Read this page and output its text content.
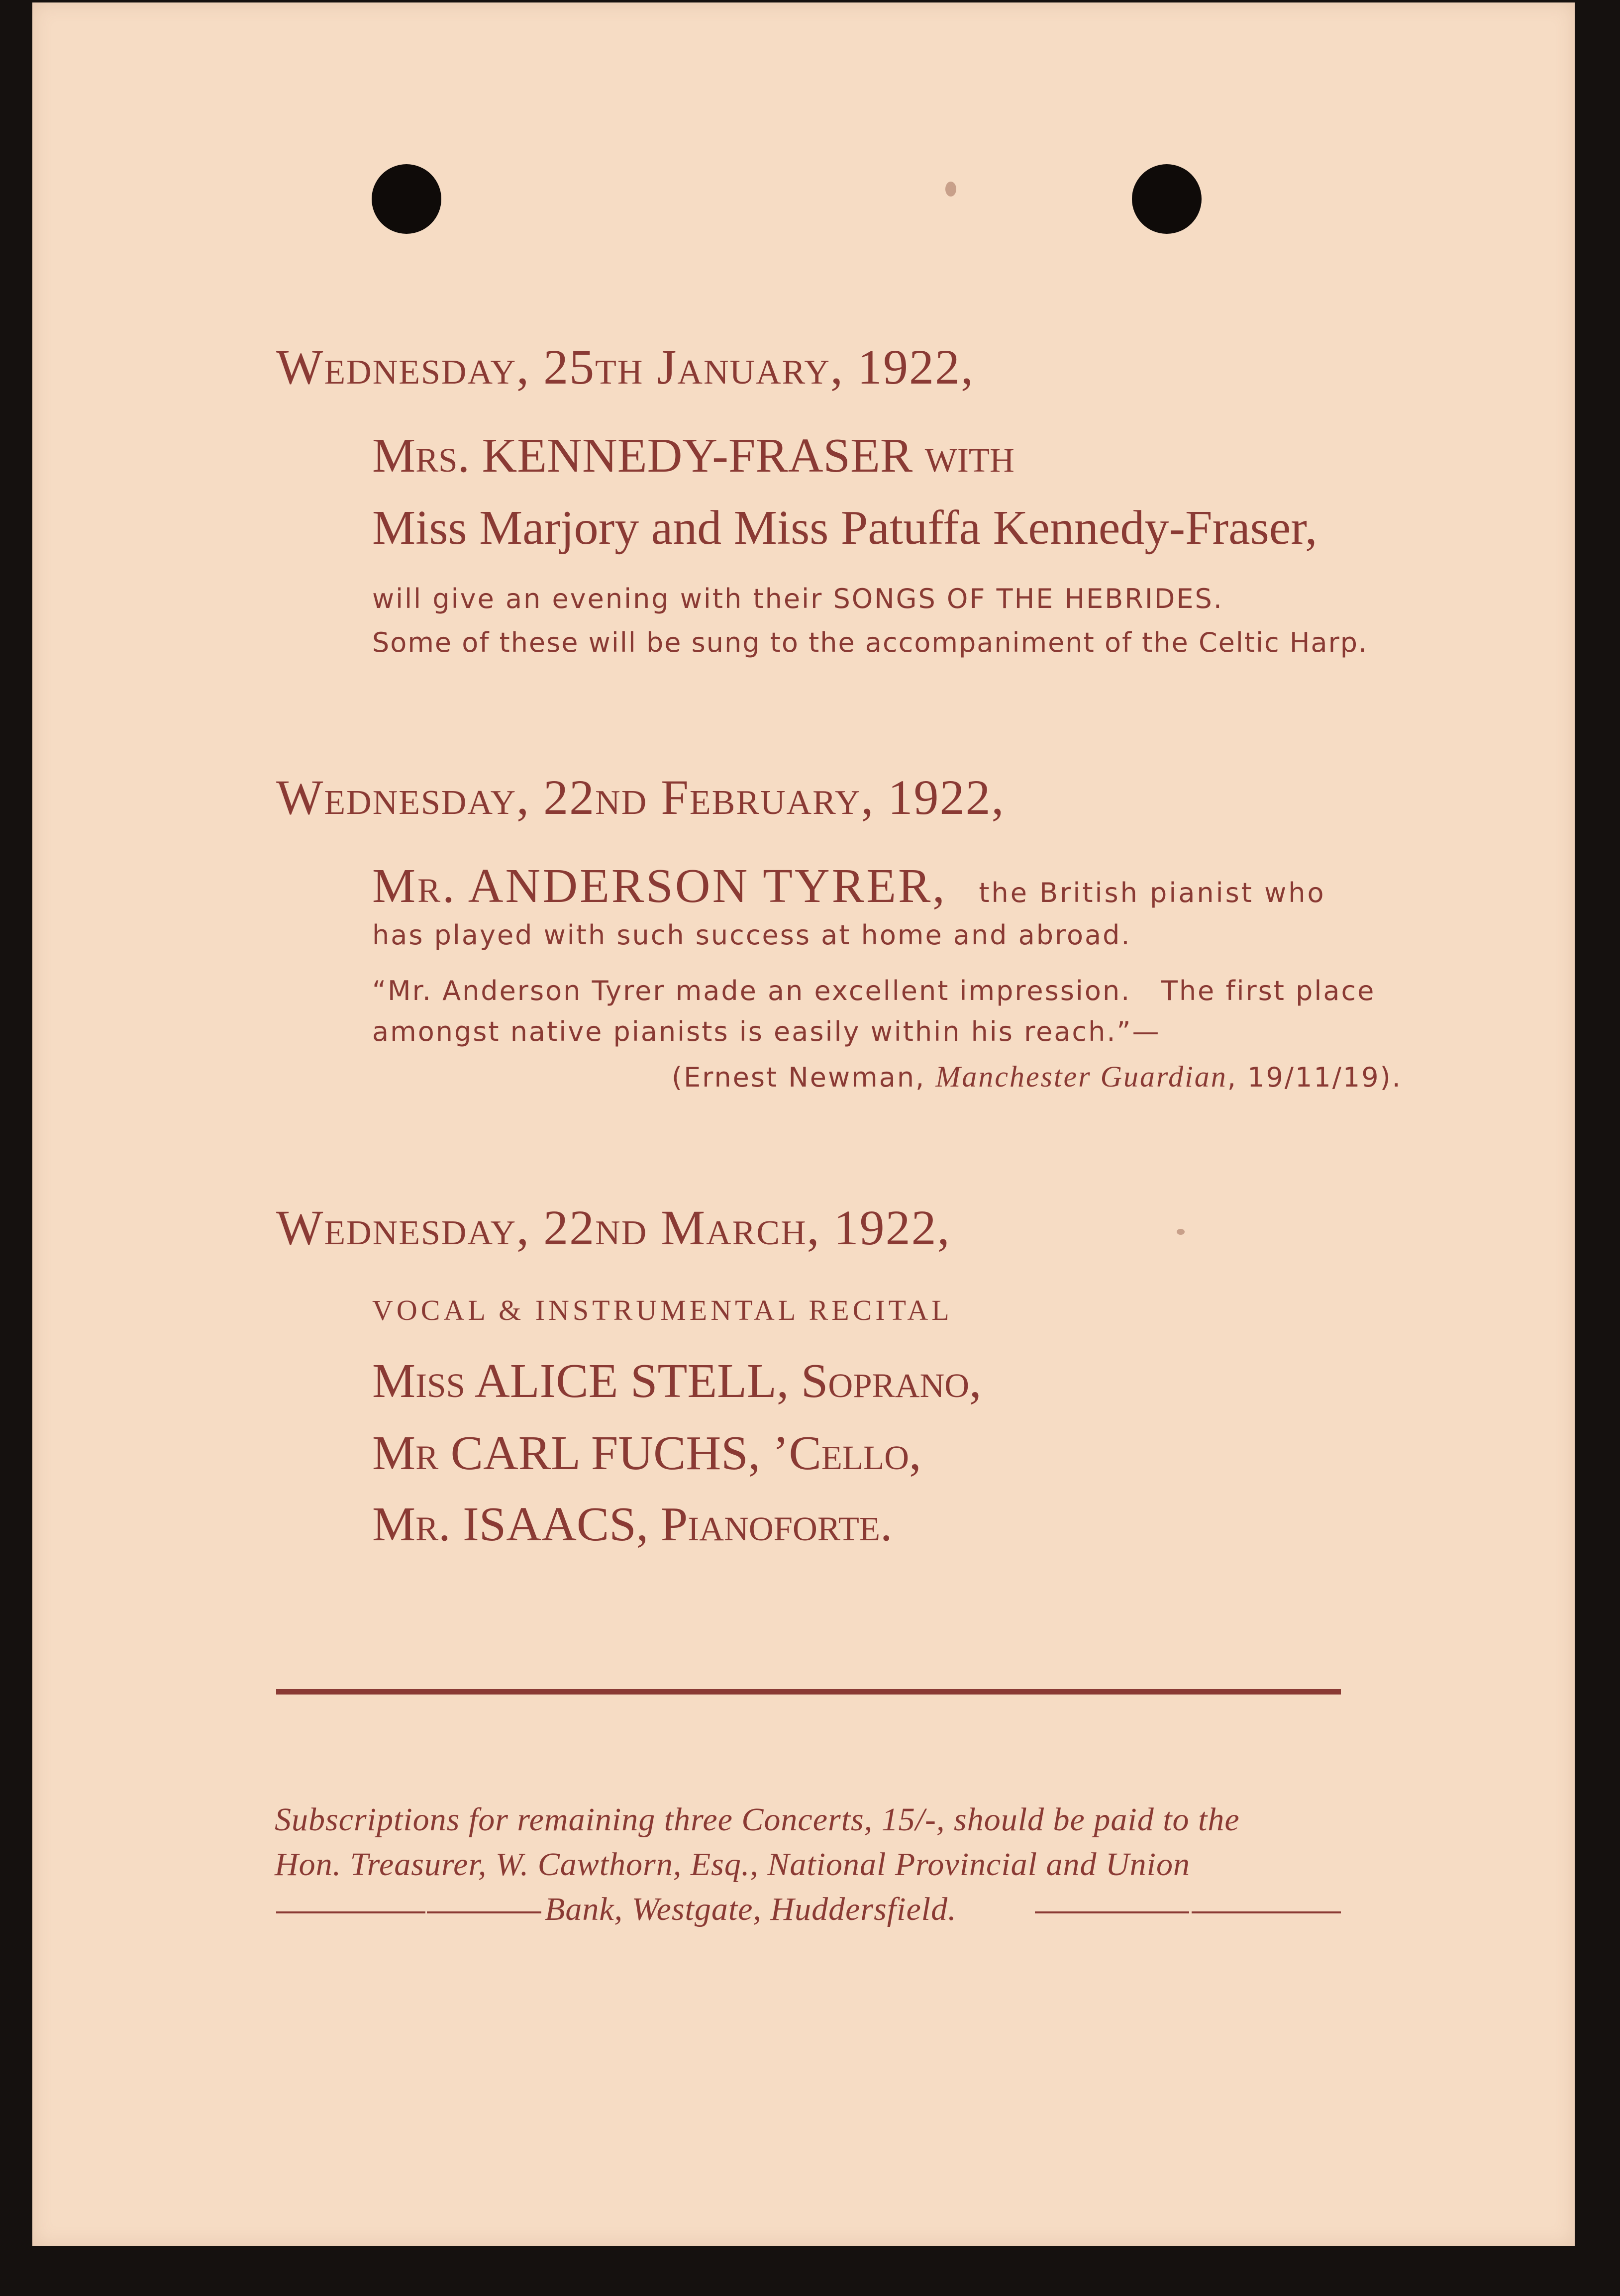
Wednesday, 25th January, 1922,
Mrs. KENNEDY-FRASER with
Miss Marjory and Miss Patuffa Kennedy-Fraser,
will give an evening with their SONGS OF THE HEBRIDES.
Some of these will be sung to the accompaniment of the Celtic Harp.
Wednesday, 22nd February, 1922,
Mr. ANDERSON TYRER, the British pianist who
has played with such success at home and abroad.
“Mr. Anderson Tyrer made an excellent impression.   The first place
amongst native pianists is easily within his reach.”—
(Ernest Newman, Manchester Guardian, 19/11/19).
Wednesday, 22nd March, 1922,
VOCAL & INSTRUMENTAL RECITAL
Miss ALICE STELL, Soprano,
Mr CARL FUCHS, ’Cello,
Mr. ISAACS, Pianoforte.
Subscriptions for remaining three Concerts, 15/-, should be paid to the
Hon. Treasurer, W. Cawthorn, Esq., National Provincial and Union
Bank, Westgate, Huddersfield.
